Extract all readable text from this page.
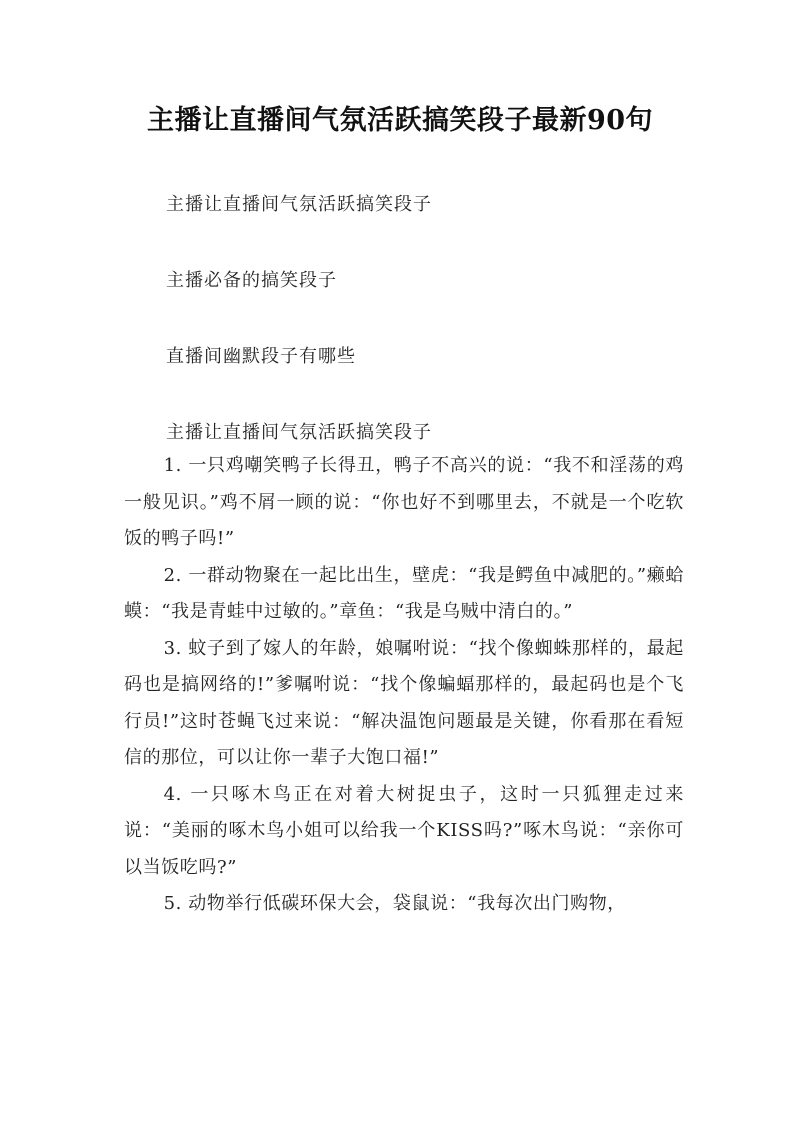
主播让直播间气氛活跃搞笑段子最新90句

主播让直播间气氛活跃搞笑段子

主播必备的搞笑段子

直播间幽默段子有哪些

主播让直播间气氛活跃搞笑段子

1. 一只鸡嘲笑鸭子长得丑，鸭子不高兴的说：“我不和淫荡的鸡一般见识。”鸡不屑一顾的说：“你也好不到哪里去，不就是一个吃软饭的鸭子吗!”

2. 一群动物聚在一起比出生，壁虎：“我是鳄鱼中减肥的。”癞蛤蟆：“我是青蛙中过敏的。”章鱼：“我是乌贼中清白的。”

3. 蚊子到了嫁人的年龄，娘嘱咐说：“找个像蜘蛛那样的，最起码也是搞网络的!”爹嘱咐说：“找个像蝙蝠那样的，最起码也是个飞行员!”这时苍蝇飞过来说：“解决温饱问题最是关键，你看那在看短信的那位，可以让你一辈子大饱口福!”

4. 一只啄木鸟正在对着大树捉虫子，这时一只狐狸走过来说：“美丽的啄木鸟小姐可以给我一个KISS吗?”啄木鸟说：“亲你可以当饭吃吗?”

5. 动物举行低碳环保大会，袋鼠说：“我每次出门购物，
